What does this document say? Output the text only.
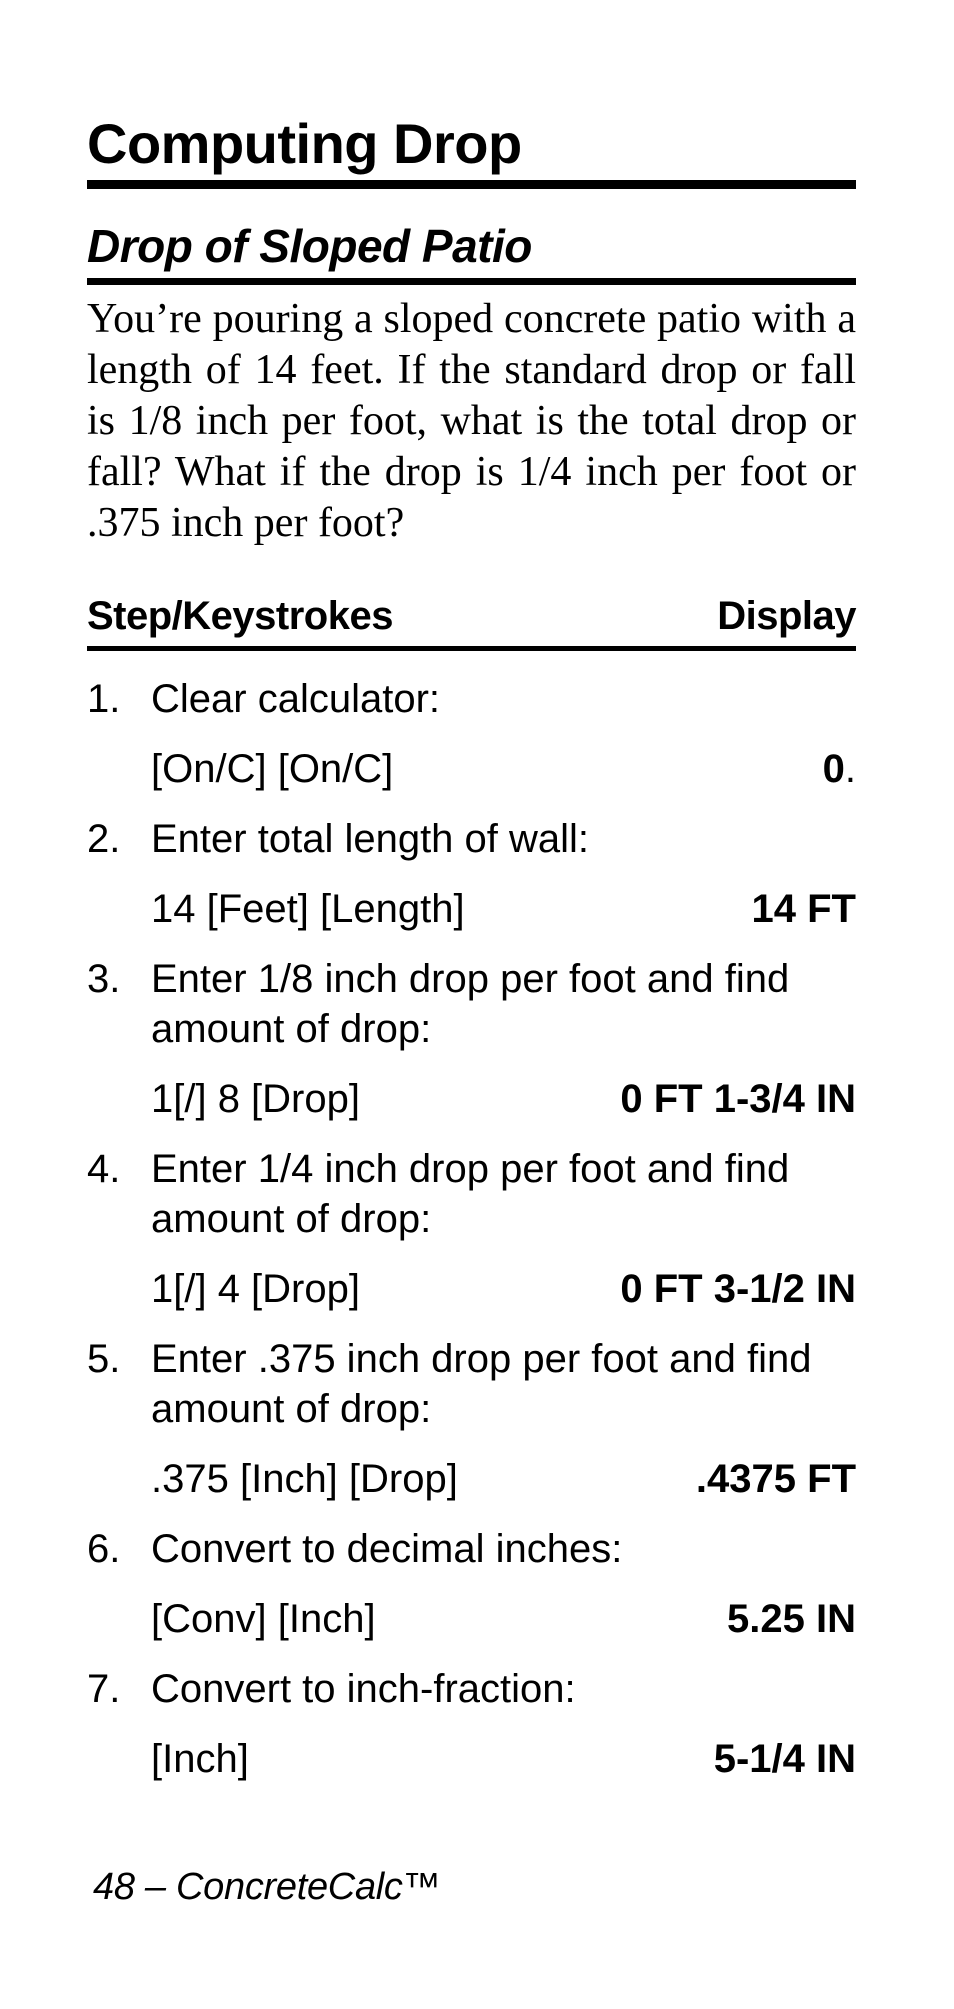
Computing Drop
Drop of Sloped Patio
You’re pouring a sloped concrete patio with a length of 14 feet. If the standard drop or fall is 1/8 inch per foot, what is the total drop or fall? What if the drop is 1/4 inch per foot or .375 inch per foot?
Step/Keystrokes	Display
1. Clear calculator:
[On/C] [On/C]	0.
2. Enter total length of wall:
14 [Feet] [Length]	14 FT
3. Enter 1/8 inch drop per foot and find amount of drop:
1[/] 8 [Drop]	0 FT 1-3/4 IN
4. Enter 1/4 inch drop per foot and find amount of drop:
1[/] 4 [Drop]	0 FT 3-1/2 IN
5. Enter .375 inch drop per foot and find amount of drop:
.375 [Inch] [Drop]	.4375 FT
6. Convert to decimal inches:
[Conv] [Inch]	5.25 IN
7. Convert to inch-fraction:
[Inch]	5-1/4 IN
48 – ConcreteCalc™
